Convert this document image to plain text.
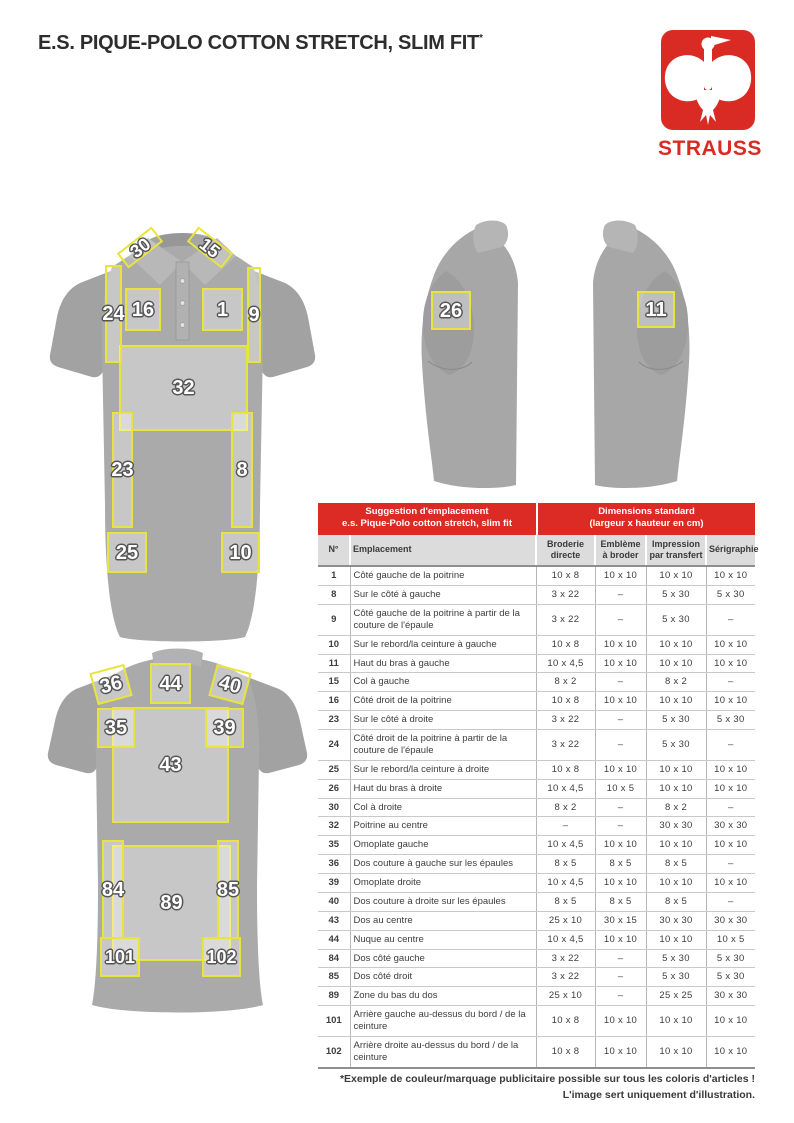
E.S. PIQUE-POLO COTTON STRETCH, SLIM FIT*
STRAUSS
30 15
32
24 16	1 9
23	8
25	10
26	11
36 44 40
43
35	39
89
84	85
101	102
Suggestion d'emplacement
e.s. Pique-Polo cotton stretch, slim fit
Dimensions standard
(largeur x hauteur en cm)
N°	Emplacement	Broderie directe	Emblème à broder	Impression par transfert	Sérigraphie
1	Côté gauche de la poitrine	10 x 8	10 x 10	10 x 10	10 x 10
8	Sur le côté à gauche	3 x 22	–	5 x 30	5 x 30
9	Côté gauche de la poitrine à partir de la couture de l'épaule	3 x 22	–	5 x 30	–
10	Sur le rebord/la ceinture à gauche	10 x 8	10 x 10	10 x 10	10 x 10
11	Haut du bras à gauche	10 x 4,5	10 x 10	10 x 10	10 x 10
15	Col à gauche	8 x 2	–	8 x 2	–
16	Côté droit de la poitrine	10 x 8	10 x 10	10 x 10	10 x 10
23	Sur le côté à droite	3 x 22	–	5 x 30	5 x 30
24	Côté droit de la poitrine à partir de la couture de l'épaule	3 x 22	–	5 x 30	–
25	Sur le rebord/la ceinture à droite	10 x 8	10 x 10	10 x 10	10 x 10
26	Haut du bras à droite	10 x 4,5	10 x 5	10 x 10	10 x 10
30	Col à droite	8 x 2	–	8 x 2	–
32	Poitrine au centre	–	–	30 x 30	30 x 30
35	Omoplate gauche	10 x 4,5	10 x 10	10 x 10	10 x 10
36	Dos couture à gauche sur les épaules	8 x 5	8 x 5	8 x 5	–
39	Omoplate droite	10 x 4,5	10 x 10	10 x 10	10 x 10
40	Dos couture à droite sur les épaules	8 x 5	8 x 5	8 x 5	–
43	Dos au centre	25 x 10	30 x 15	30 x 30	30 x 30
44	Nuque au centre	10 x 4,5	10 x 10	10 x 10	10 x 5
84	Dos côté gauche	3 x 22	–	5 x 30	5 x 30
85	Dos côté droit	3 x 22	–	5 x 30	5 x 30
89	Zone du bas du dos	25 x 10	–	25 x 25	30 x 30
101	Arrière gauche au-dessus du bord / de la ceinture	10 x 8	10 x 10	10 x 10	10 x 10
102	Arrière droite au-dessus du bord / de la ceinture	10 x 8	10 x 10	10 x 10	10 x 10
*Exemple de couleur/marquage publicitaire possible sur tous les coloris d'articles !
L'image sert uniquement d'illustration.
